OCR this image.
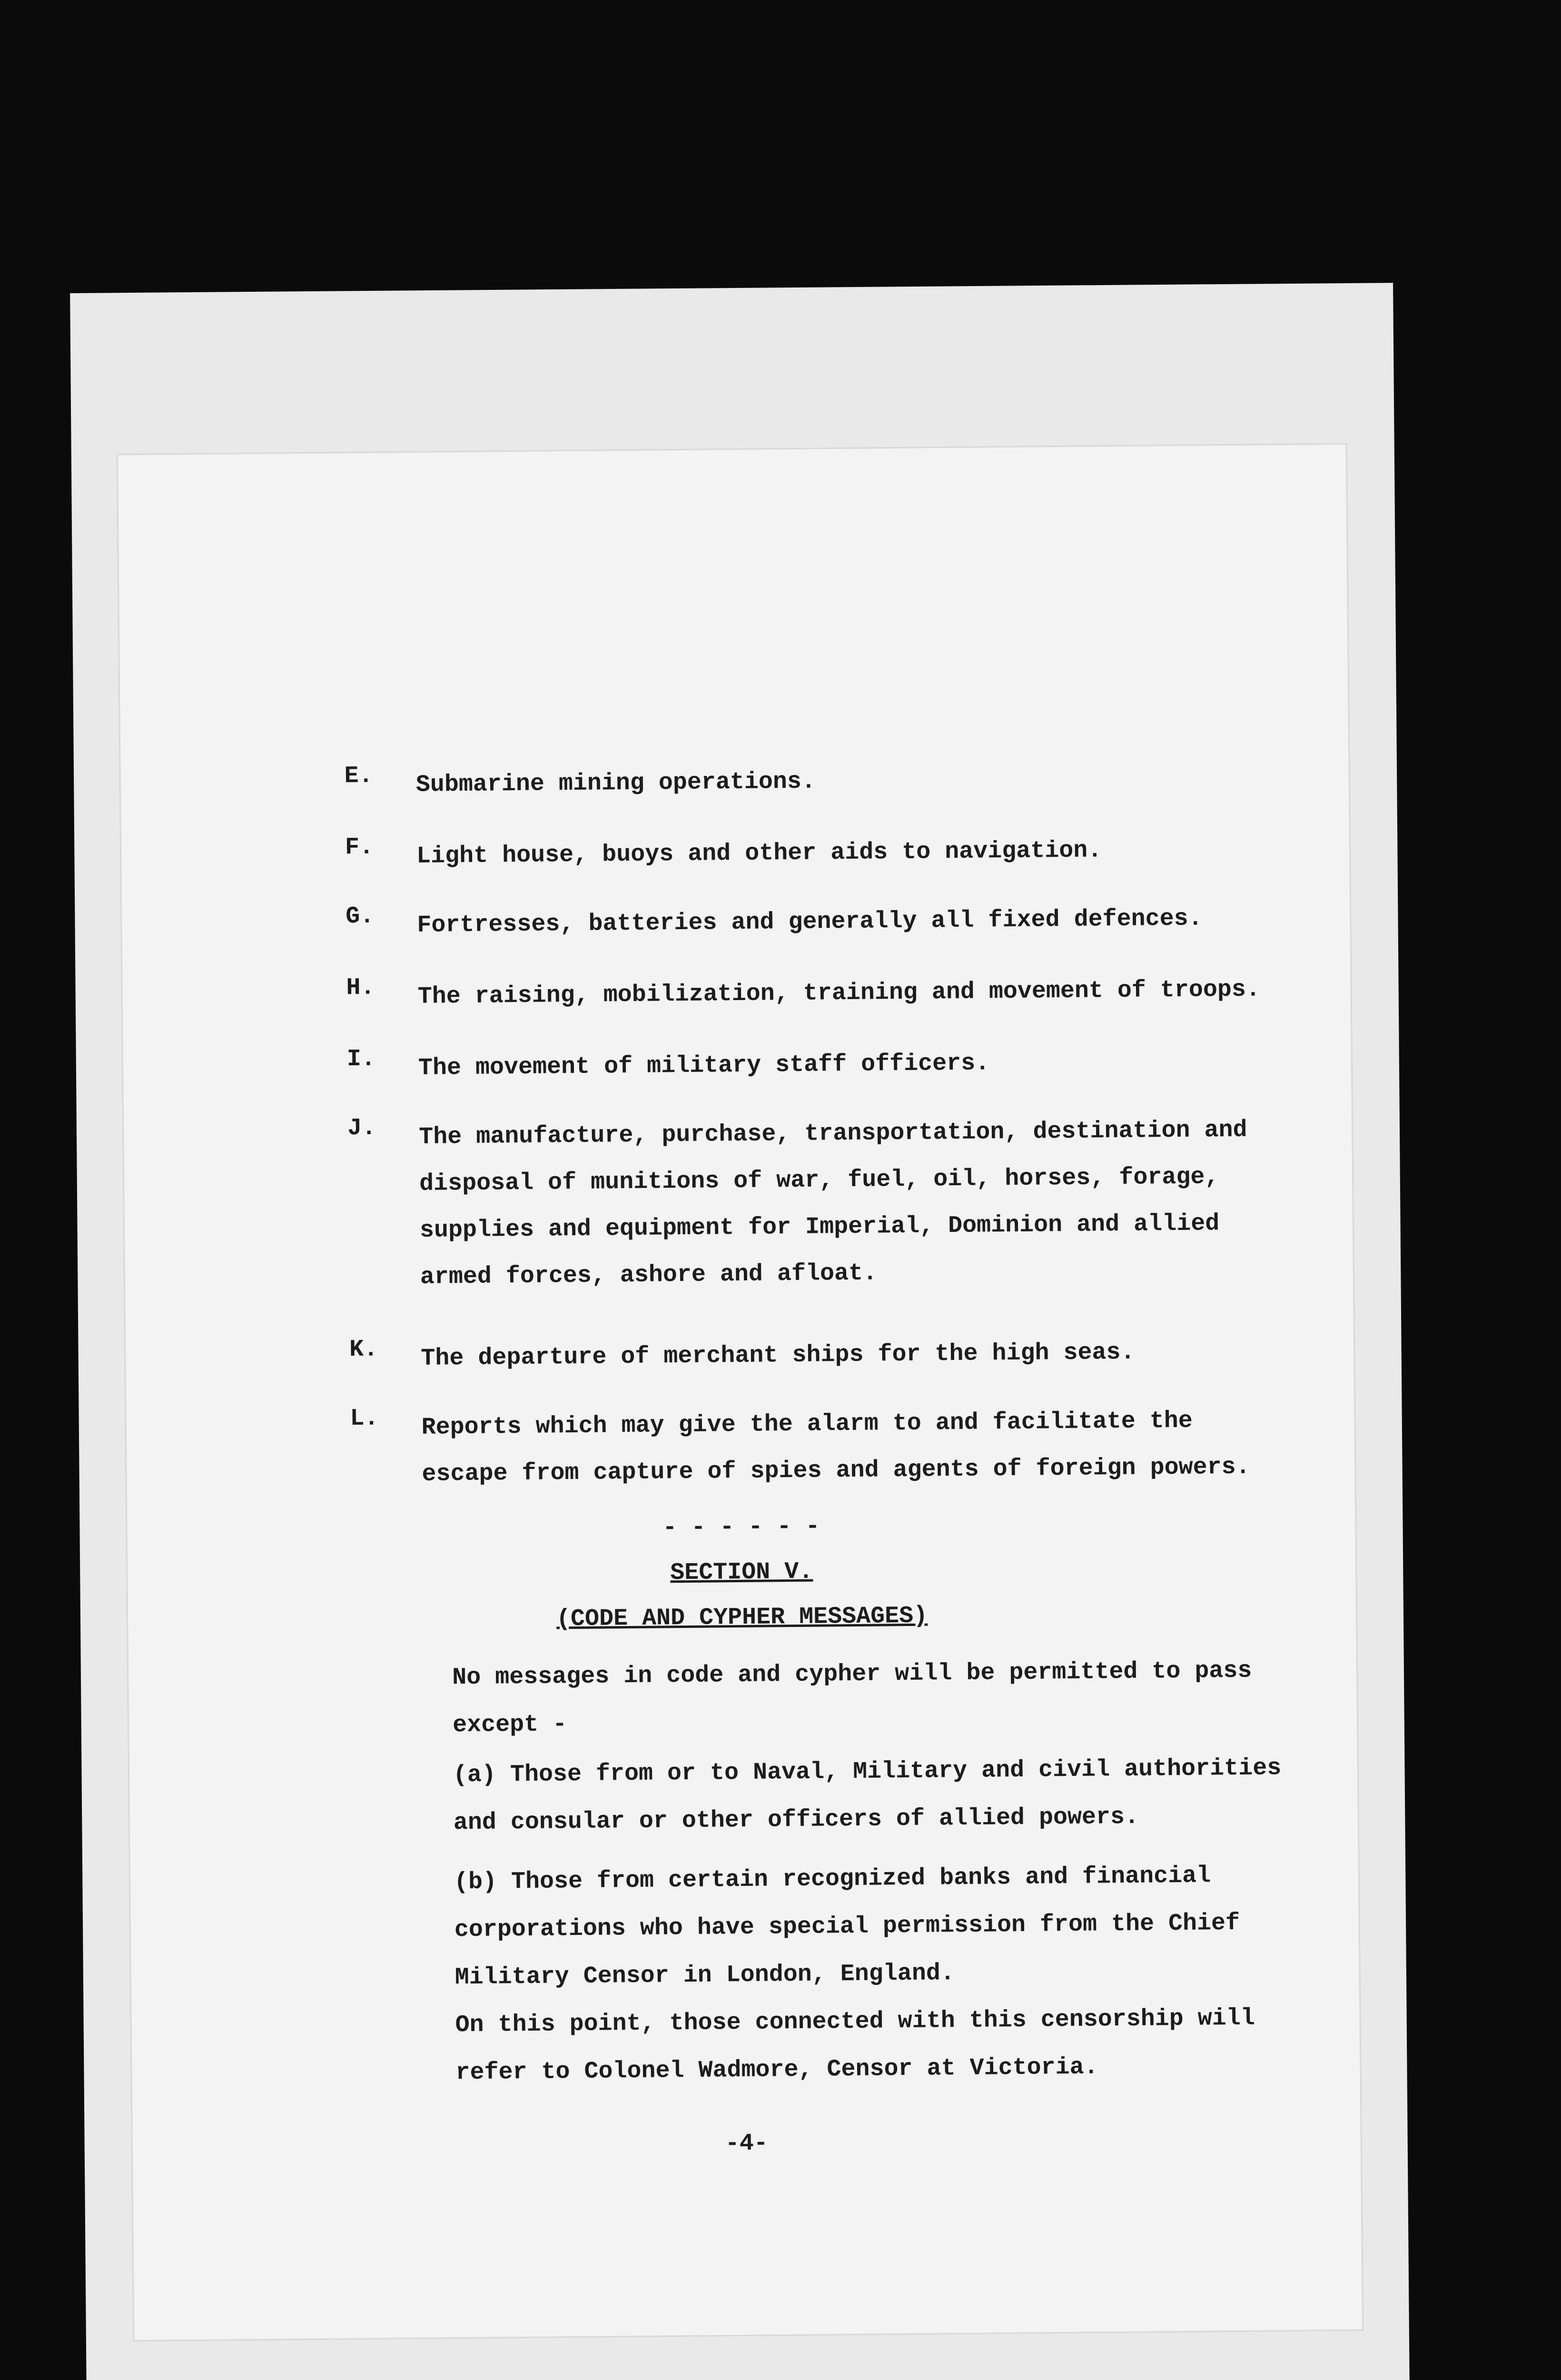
E. Submarine mining operations.
F. Light house, buoys and other aids to navigation.
G. Fortresses, batteries and generally all fixed defences.
H. The raising, mobilization, training and movement of troops.
I. The movement of military staff officers.
J. The manufacture, purchase, transportation, destination and disposal of munitions of war, fuel, oil, horses, forage, supplies and equipment for Imperial, Dominion and allied armed forces, ashore and afloat.
K. The departure of merchant ships for the high seas.
L. Reports which may give the alarm to and facilitate the escape from capture of spies and agents of foreign powers.
- - - - - -
SECTION V.
(CODE AND CYPHER MESSAGES)
No messages in code and cypher will be permitted to pass except -
(a) Those from or to Naval, Military and civil authorities and consular or other officers of allied powers.
(b) Those from certain recognized banks and financial corporations who have special permission from the Chief Military Censor in London, England.
On this point, those connected with this censorship will refer to Colonel Wadmore, Censor at Victoria.
-4-
